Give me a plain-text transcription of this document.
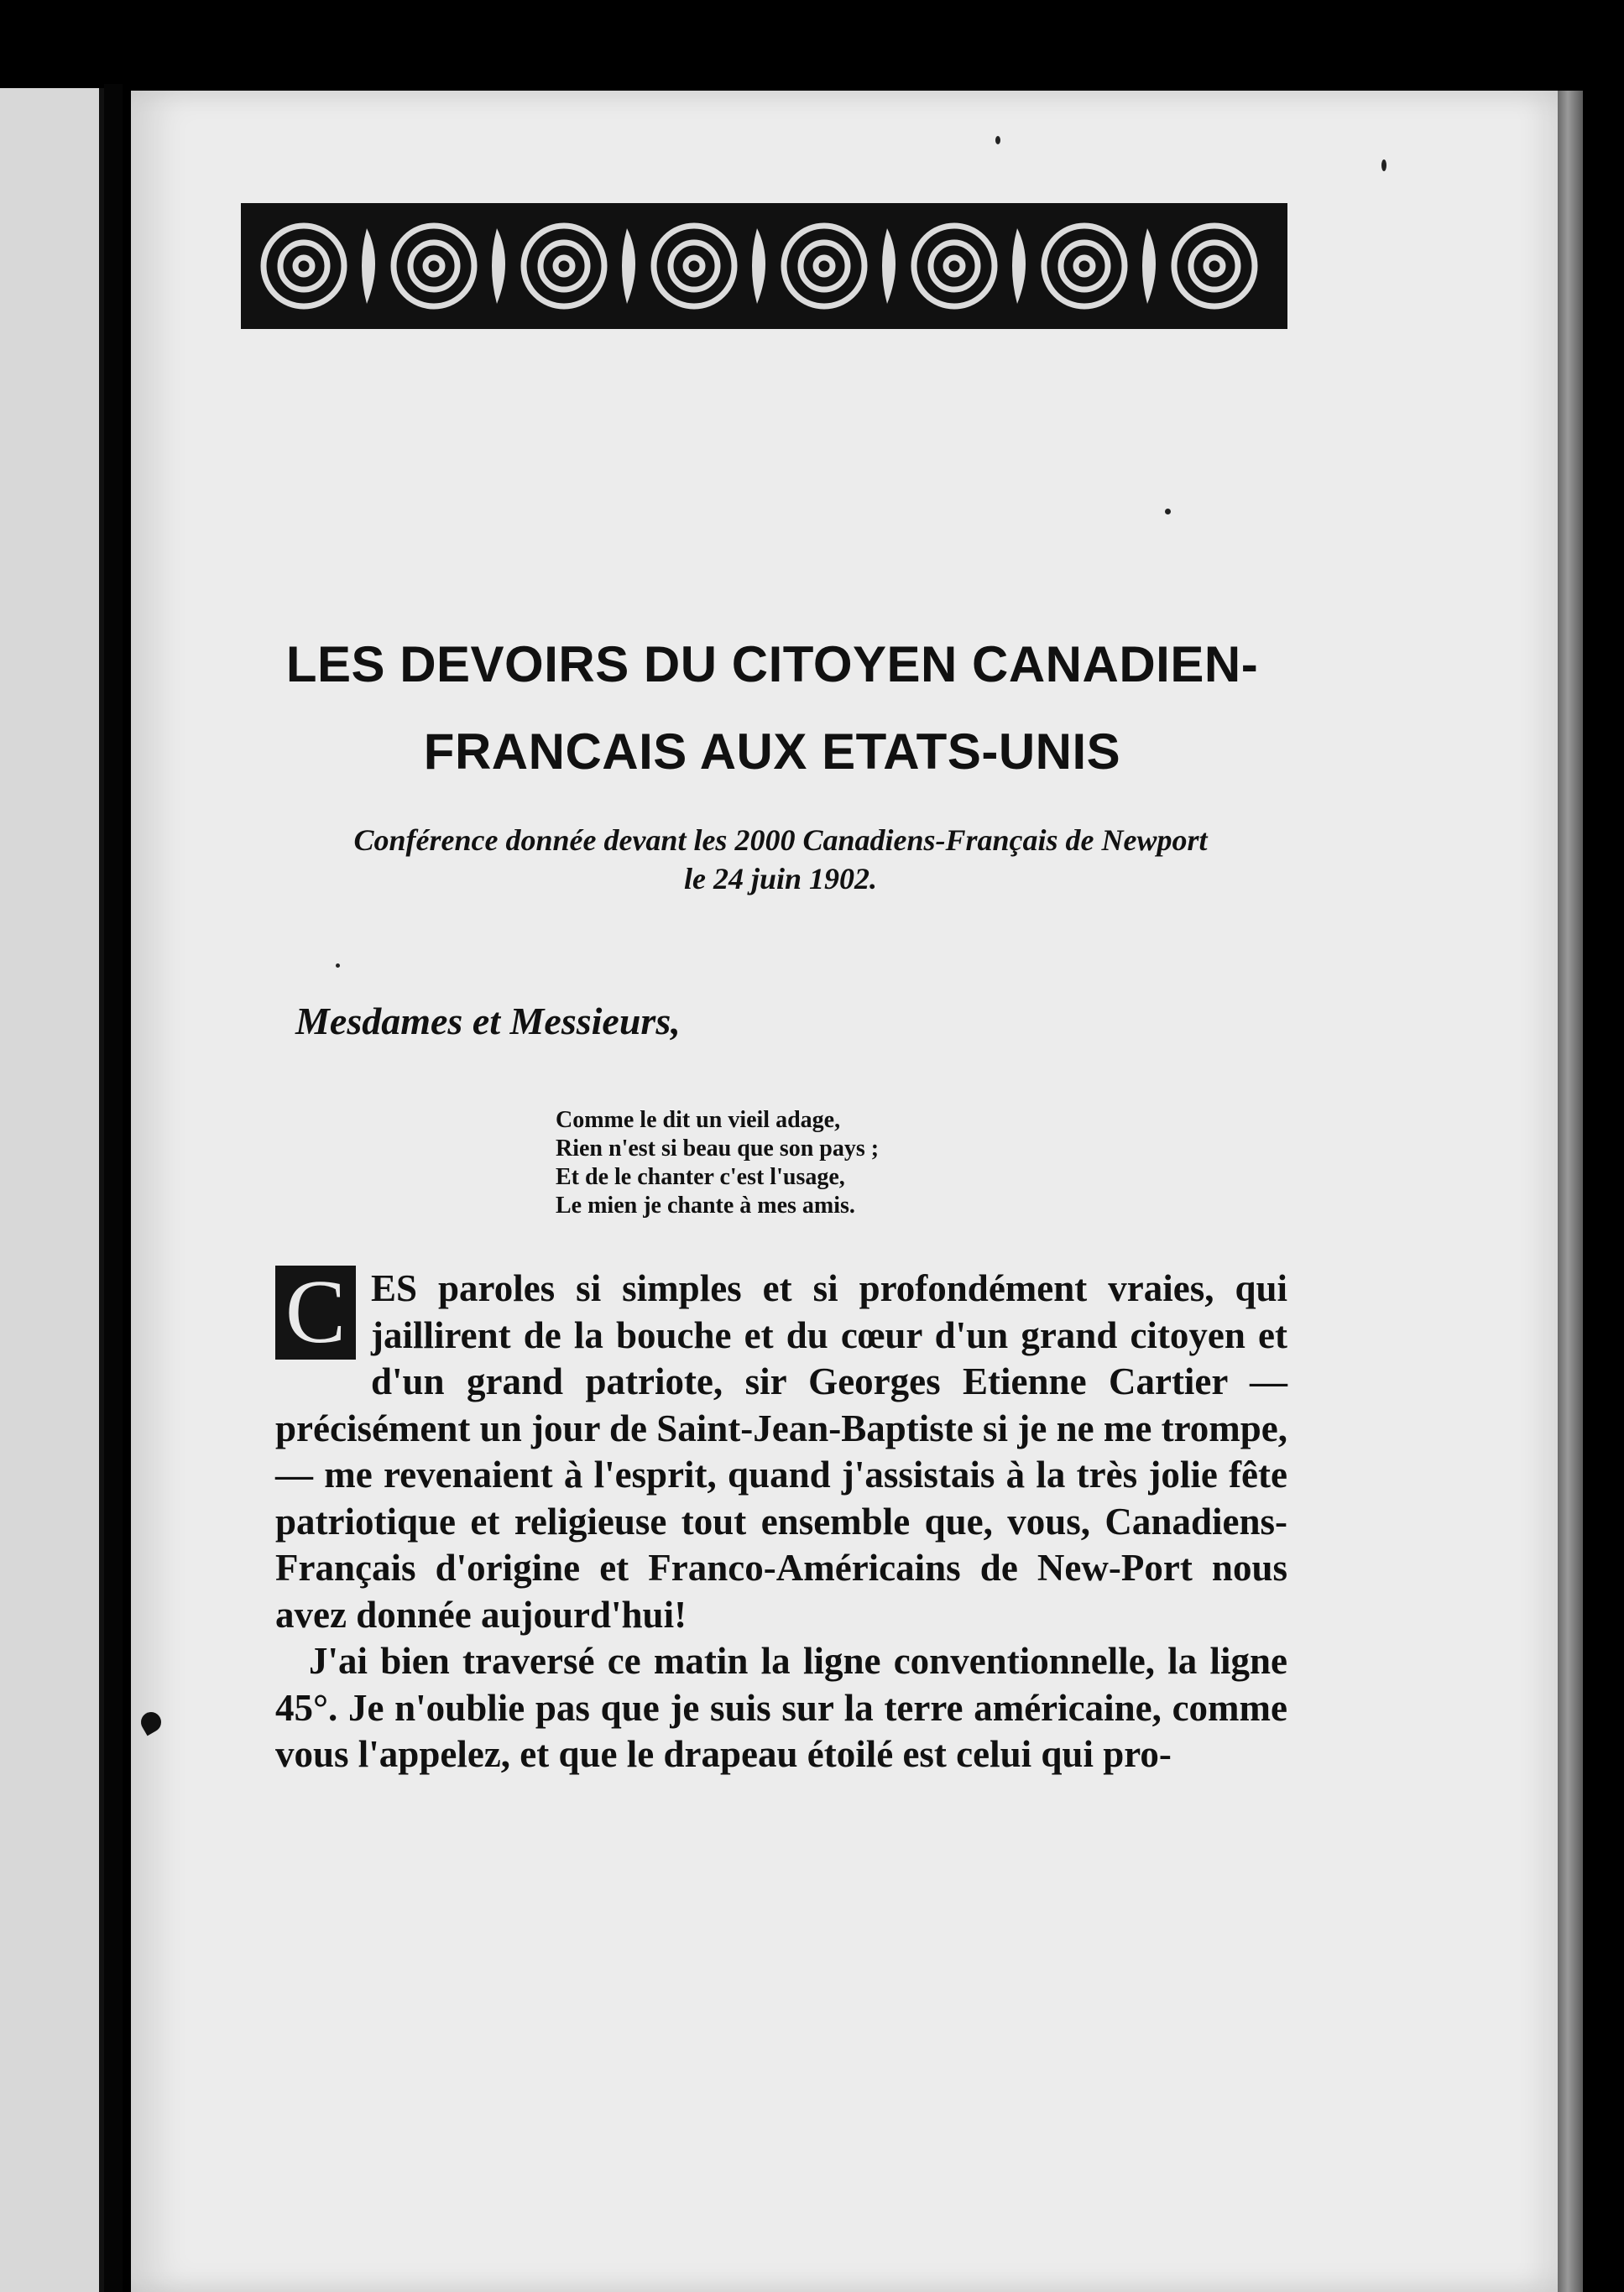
LES DEVOIRS DU CITOYEN CANADIEN-
FRANCAIS AUX ETATS-UNIS
Conférence donnée devant les 2000 Canadiens-Français de Newport
le 24 juin 1902.
Mesdames et Messieurs,
Comme le dit un vieil adage,
Rien n'est si beau que son pays ;
Et de le chanter c'est l'usage,
Le mien je chante à mes amis.

C ES paroles si simples et si profondément vraies, qui jaillirent de la bouche et du cœur d'un grand citoyen et d'un grand patriote, sir Georges Etienne Cartier — précisément un jour de Saint-Jean-Baptiste si je ne me trompe, — me revenaient à l'esprit, quand j'assistais à la très jolie fête patriotique et religieuse tout ensemble que, vous, Canadiens-Français d'origine et Franco-Américains de New-Port nous avez donnée aujourd'hui!

J'ai bien traversé ce matin la ligne conventionnelle, la ligne 45°. Je n'oublie pas que je suis sur la terre américaine, comme vous l'appelez, et que le drapeau étoilé est celui qui pro-
